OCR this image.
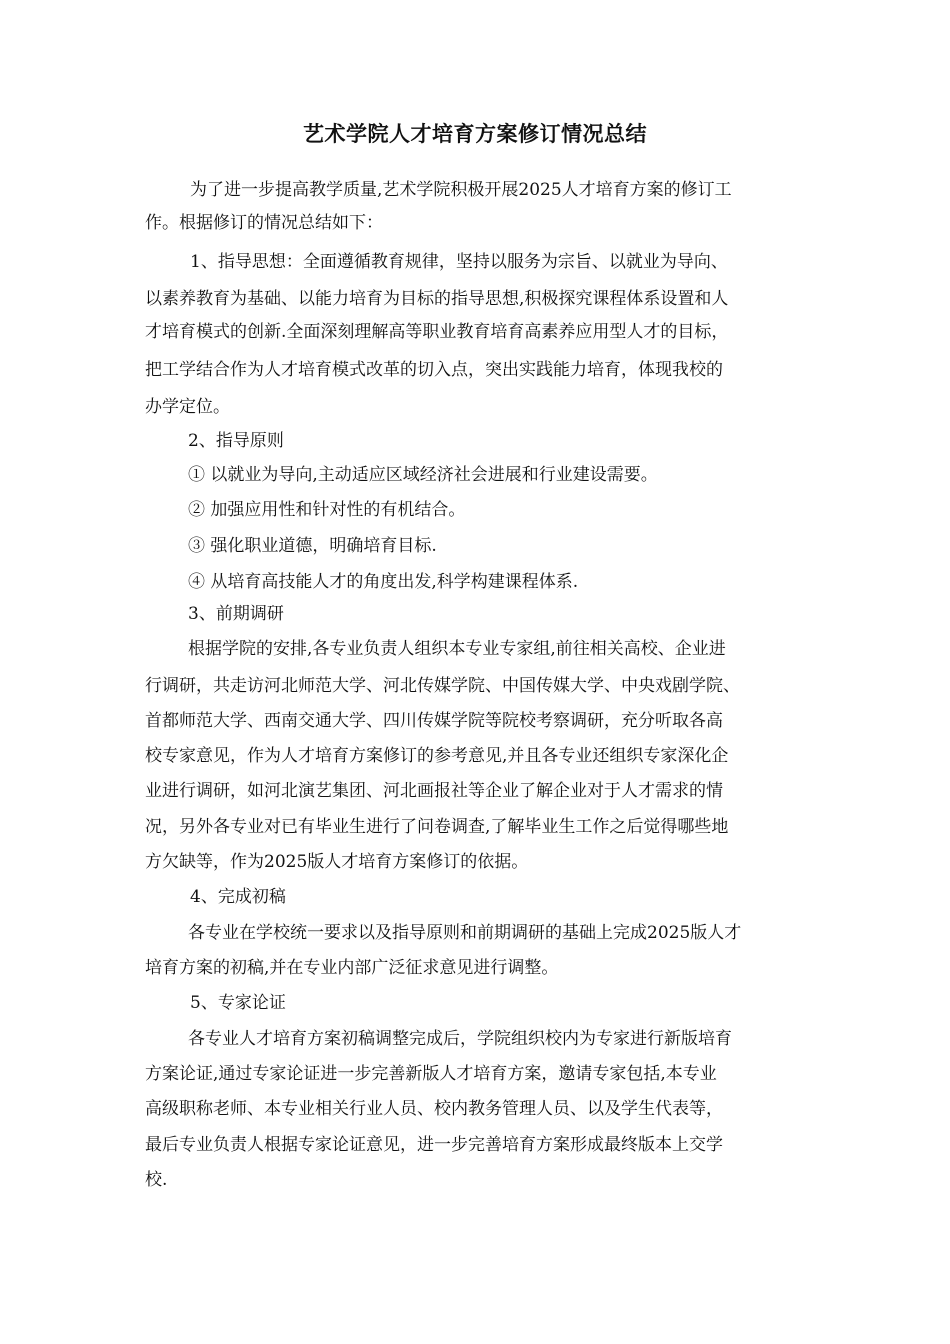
艺术学院人才培育方案修订情况总结
为了进一步提高教学质量,艺术学院积极开展2025人才培育方案的修订工
作。根据修订的情况总结如下：
1、指导思想：全面遵循教育规律，坚持以服务为宗旨、以就业为导向、
以素养教育为基础、以能力培育为目标的指导思想,积极探究课程体系设置和人
才培育模式的创新.全面深刻理解高等职业教育培育高素养应用型人才的目标，
把工学结合作为人才培育模式改革的切入点，突出实践能力培育，体现我校的
办学定位。
2、指导原则
① 以就业为导向,主动适应区域经济社会进展和行业建设需要。
② 加强应用性和针对性的有机结合。
③ 强化职业道德，明确培育目标.
④ 从培育高技能人才的角度出发,科学构建课程体系.
3、前期调研
根据学院的安排,各专业负责人组织本专业专家组,前往相关高校、企业进
行调研，共走访河北师范大学、河北传媒学院、中国传媒大学、中央戏剧学院、
首都师范大学、西南交通大学、四川传媒学院等院校考察调研，充分听取各高
校专家意见，作为人才培育方案修订的参考意见,并且各专业还组织专家深化企
业进行调研，如河北演艺集团、河北画报社等企业了解企业对于人才需求的情
况，另外各专业对已有毕业生进行了问卷调查,了解毕业生工作之后觉得哪些地
方欠缺等，作为2025版人才培育方案修订的依据。
4、完成初稿
各专业在学校统一要求以及指导原则和前期调研的基础上完成2025版人才
培育方案的初稿,并在专业内部广泛征求意见进行调整。
5、专家论证
各专业人才培育方案初稿调整完成后，学院组织校内为专家进行新版培育
方案论证,通过专家论证进一步完善新版人才培育方案，邀请专家包括,本专业
高级职称老师、本专业相关行业人员、校内教务管理人员、以及学生代表等，
最后专业负责人根据专家论证意见，进一步完善培育方案形成最终版本上交学
校.
